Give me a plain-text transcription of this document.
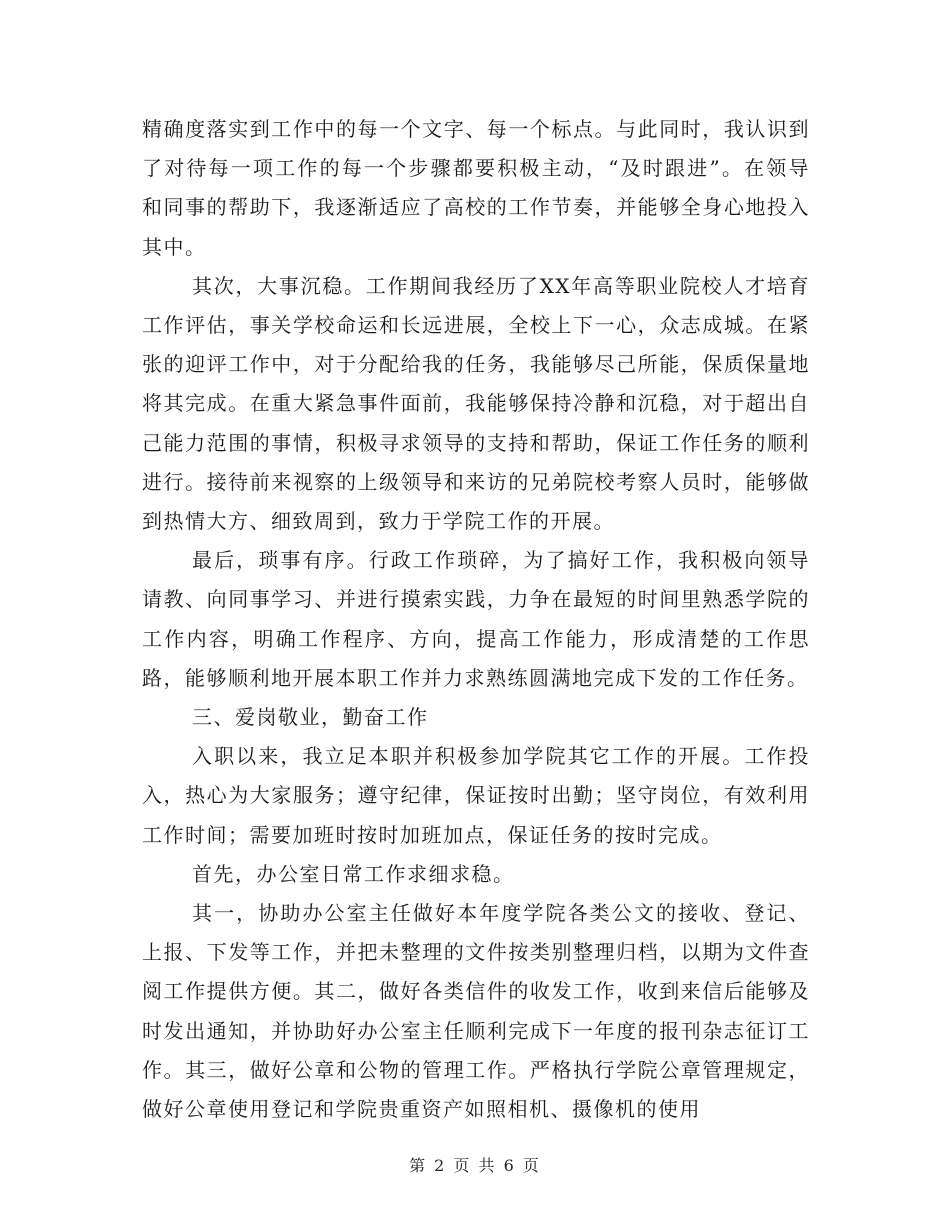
精确度落实到工作中的每一个文字、每一个标点。与此同时，我认识到了对待每一项工作的每一个步骤都要积极主动，“及时跟进”。在领导和同事的帮助下，我逐渐适应了高校的工作节奏，并能够全身心地投入其中。

其次，大事沉稳。工作期间我经历了XX年高等职业院校人才培育工作评估，事关学校命运和长远进展，全校上下一心，众志成城。在紧张的迎评工作中，对于分配给我的任务，我能够尽己所能，保质保量地将其完成。在重大紧急事件面前，我能够保持冷静和沉稳，对于超出自己能力范围的事情，积极寻求领导的支持和帮助，保证工作任务的顺利进行。接待前来视察的上级领导和来访的兄弟院校考察人员时，能够做到热情大方、细致周到，致力于学院工作的开展。

最后，琐事有序。行政工作琐碎，为了搞好工作，我积极向领导请教、向同事学习、并进行摸索实践，力争在最短的时间里熟悉学院的工作内容，明确工作程序、方向，提高工作能力，形成清楚的工作思路，能够顺利地开展本职工作并力求熟练圆满地完成下发的工作任务。

三、爱岗敬业，勤奋工作

入职以来，我立足本职并积极参加学院其它工作的开展。工作投入，热心为大家服务；遵守纪律，保证按时出勤；坚守岗位，有效利用工作时间；需要加班时按时加班加点，保证任务的按时完成。

首先，办公室日常工作求细求稳。

其一，协助办公室主任做好本年度学院各类公文的接收、登记、上报、下发等工作，并把未整理的文件按类别整理归档，以期为文件查阅工作提供方便。其二，做好各类信件的收发工作，收到来信后能够及时发出通知，并协助好办公室主任顺利完成下一年度的报刊杂志征订工作。其三，做好公章和公物的管理工作。严格执行学院公章管理规定，做好公章使用登记和学院贵重资产如照相机、摄像机的使用

第 2 页 共 6 页
